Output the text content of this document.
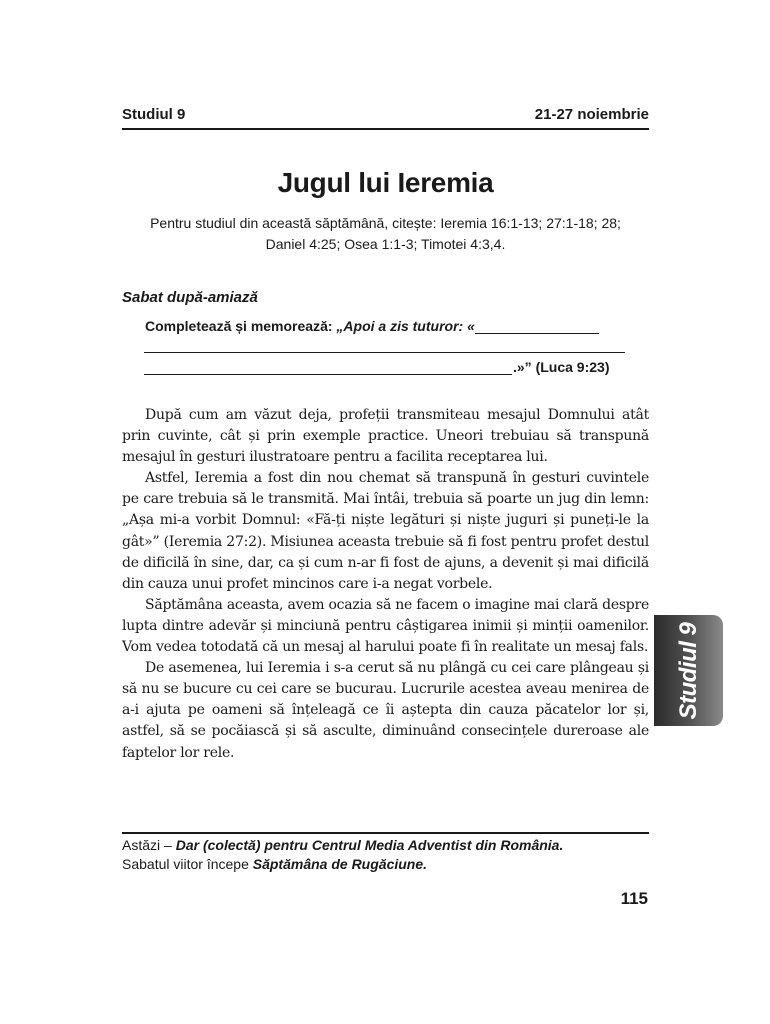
Studiul 9	21-27 noiembrie
Jugul lui Ieremia
Pentru studiul din această săptămână, citește: Ieremia 16:1-13; 27:1-18; 28;
Daniel 4:25; Osea 1:1-3; Timotei 4:3,4.
Sabat după-amiază
Completează și memorează: „Apoi a zis tuturor: «
.»” (Luca 9:23)

După cum am văzut deja, profeții transmiteau mesajul Domnului atât prin cuvinte, cât și prin exemple practice. Uneori trebuiau să transpună mesajul în gesturi ilustratoare pentru a facilita receptarea lui.

Astfel, Ieremia a fost din nou chemat să transpună în gesturi cuvintele pe care trebuia să le transmită. Mai întâi, trebuia să poarte un jug din lemn: „Așa mi-a vorbit Domnul: «Fă-ți niște legături și niște juguri și puneți-le la gât»” (Ieremia 27:2). Misiunea aceasta trebuie să fi fost pentru profet destul de dificilă în sine, dar, ca și cum n-ar fi fost de ajuns, a devenit și mai dificilă din cauza unui profet mincinos care i-a negat vorbele.

Săptămâna aceasta, avem ocazia să ne facem o imagine mai clară despre lupta dintre adevăr și minciună pentru câștigarea inimii și minții oamenilor. Vom vedea totodată că un mesaj al harului poate fi în realitate un mesaj fals.

De asemenea, lui Ieremia i s-a cerut să nu plângă cu cei care plângeau și să nu se bucure cu cei care se bucurau. Lucrurile acestea aveau menirea de a-i ajuta pe oameni să înțeleagă ce îi aștepta din cauza păcatelor lor și, astfel, să se pocăiască și să asculte, diminuând consecințele dureroase ale faptelor lor rele.

Astăzi – Dar (colectă) pentru Centrul Media Adventist din România.
Sabatul viitor începe Săptămâna de Rugăciune.
115
Studiul 9
